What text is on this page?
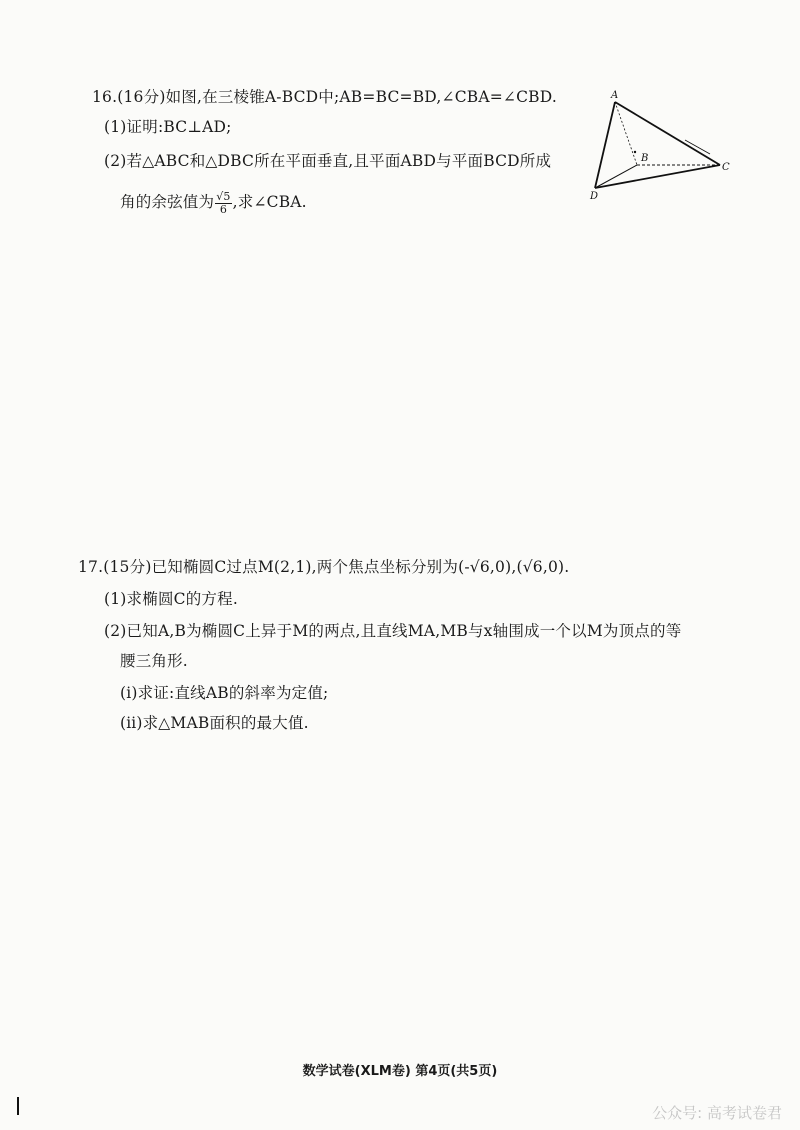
16.(16分)如图,在三棱锥A-BCD中;AB=BC=BD,∠CBA=∠CBD.
(1)证明:BC⊥AD;
(2)若△ABC和△DBC所在平面垂直,且平面ABD与平面BCD所成
角的余弦值为 $\frac{√5}{6}$ ,求∠CBA.
A
B
C
D
17.(15分)已知椭圆C过点M(2,1),两个焦点坐标分别为(-√6,0),(√6,0).
(1)求椭圆C的方程.
(2)已知A,B为椭圆C上异于M的两点,且直线MA,MB与x轴围成一个以M为顶点的等
腰三角形.
(ⅰ)求证:直线AB的斜率为定值;
(ⅱ)求△MAB面积的最大值.
数学试卷(XLM卷) 第4页(共5页)
公众号: 高考试卷君
